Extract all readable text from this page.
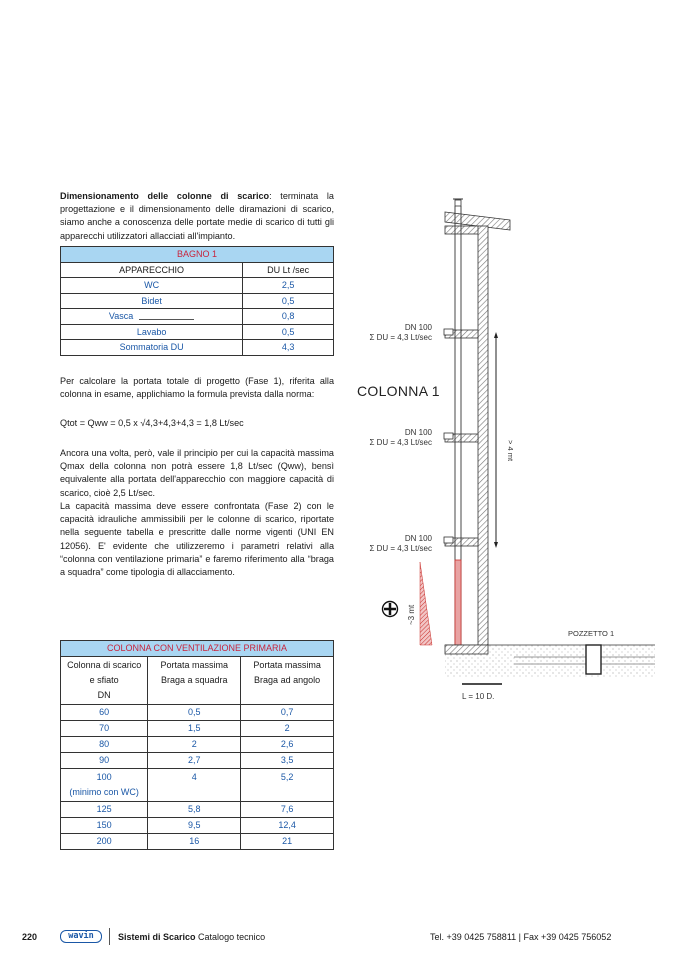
Dimensionamento delle colonne di scarico: terminata la progettazione e il dimensionamento delle diramazioni di scarico, siamo anche a conoscenza delle portate medie di scarico di tutti gli apparecchi utilizzatori allacciati all'impianto.

BAGNO 1	
APPARECCHIO	DU Lt /sec
WC	2,5
Bidet	0,5
Vasca	0,8
Lavabo	0,5
Sommatoria DU	4,3

Per calcolare la portata totale di progetto (Fase 1), riferita alla colonna in esame, applichiamo la formula prevista dalla norma:

Qtot = Qww = 0,5 x √4,3+4,3+4,3 = 1,8 Lt/sec

Ancora una volta, però, vale il principio per cui la capacità massima Qmax della colonna non potrà essere 1,8 Lt/sec (Qww), bensì equivalente alla portata dell'apparecchio con maggiore capacità di scarico, cioè 2,5 Lt/sec.

La capacità massima deve essere confrontata (Fase 2) con le capacità idrauliche ammissibili per le colonne di scarico, riportate nella seguente tabella e prescritte dalle norme vigenti (UNI EN 12056). E' evidente che utilizzeremo i parametri relativi alla “colonna con ventilazione primaria” e faremo riferimento alla “braga a squadra” come tipologia di allacciamento.

COLONNA CON VENTILAZIONE PRIMARIA		

Colonna di scarico
e sfiato
DN

Portata massima
Braga a squadra

Portata massima
Braga ad angolo

60	0,5	0,7
70	1,5	2
80	2	2,6
90	2,7	3,5

100
(minimo con WC)	4	5,2
125	5,8	7,6
150	9,5	12,4
200	16	21
> 4 mt
~3 mt
L = 10 D.
POZZETTO 1
DN 100
Σ DU = 4,3 Lt/sec
COLONNA 1
DN 100
Σ DU = 4,3 Lt/sec
DN 100
Σ DU = 4,3 Lt/sec
220	wavin	Sistemi di Scarico Catalogo tecnico	Tel. +39 0425 758811 | Fax +39 0425 756052
